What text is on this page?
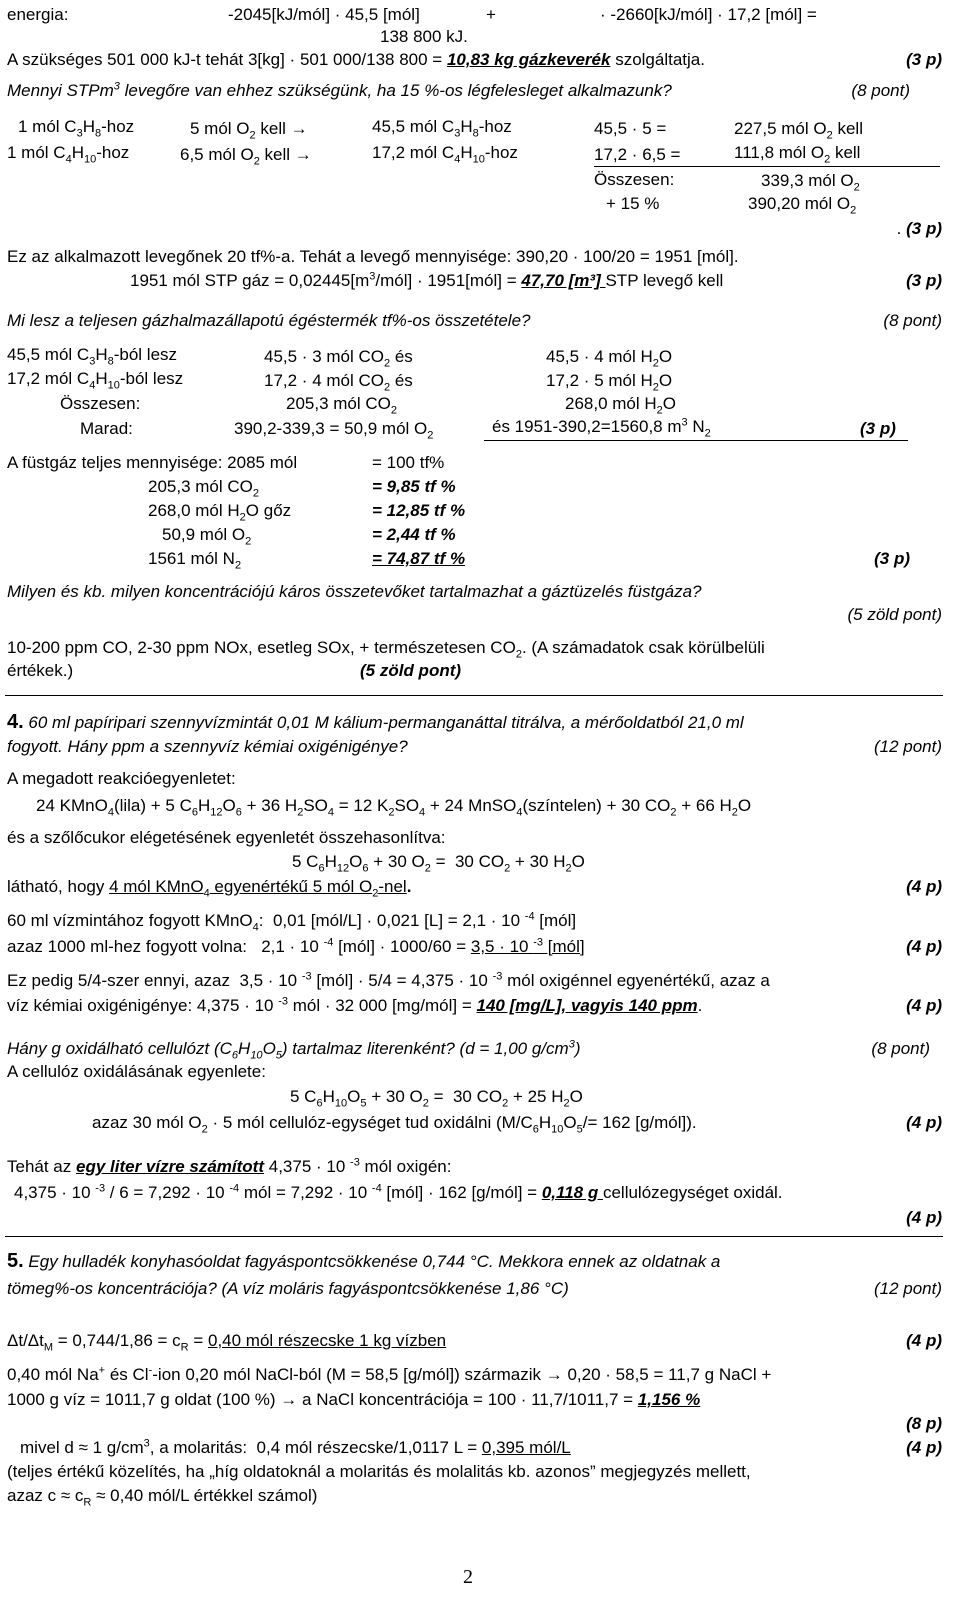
energia:	-2045[kJ/mól] · 45,5 [mól]	+	· -2660[kJ/mól] · 17,2 [mól] =
138 800 kJ.
A szükséges 501 000 kJ-t tehát 3[kg] · 501 000/138 800 = 10,83 kg gázkeverék szolgáltatja.	(3 p)
Mennyi STPm$^3$ levegőre van ehhez szükségünk, ha 15 %-os légfelesleget alkalmazunk?	(8 pont)
1 mól $C_3H_8$-hoz	5 mól $O_2$ kell →	45,5 mól $C_3H_8$-hoz	45,5 · 5 =	227,5 mól $O_2$ kell
1 mól $C_4H_{10}$-hoz	6,5 mól $O_2$ kell →	17,2 mól $C_4H_{10}$-hoz	17,2 · 6,5 =	111,8 mól $O_2$ kell
Összesen:	339,3 mól $O_2$
+ 15 %	390,20 mól $O_2$
. (3 p)
Ez az alkalmazott levegőnek 20 tf%-a. Tehát a levegő mennyisége: 390,20 · 100/20 = 1951 [mól].
1951 mól STP gáz = $0,02445[m^3/mól]$ · 1951[mól] = 47,70 [m³] STP levegő kell	(3 p)
Mi lesz a teljesen gázhalmazállapotú égéstermék tf%-os összetétele?	(8 pont)
45,5 mól $C_3H_8$-ból lesz	45,5 · 3 mól $CO_2$ és	45,5 · 4 mól $H_2O$
17,2 mól $C_4H_{10}$-ból lesz	17,2 · 4 mól $CO_2$ és	17,2 · 5 mól $H_2O$
Összesen:	205,3 mól $CO_2$	268,0 mól $H_2O$
Marad:	390,2-339,3 = 50,9 mól $O_2$	és 1951-390,2=1560,8 $m^3$ $N_2$	(3 p)
A füstgáz teljes mennyisége: 2085 mól	= 100 tf%
205,3 mól $CO_2$	= 9,85 tf %
268,0 mól $H_2O$ gőz	= 12,85 tf %
50,9 mól $O_2$	= 2,44 tf %
1561 mól $N_2$	= 74,87 tf %	(3 p)
Milyen és kb. milyen koncentrációjú káros összetevőket tartalmazhat a gáztüzelés füstgáza?
(5 zöld pont)
10-200 ppm CO, 2-30 ppm NOx, esetleg SOx, + természetesen $CO_2$. (A számadatok csak körülbelüli
értékek.)	(5 zöld pont)
4. 60 ml papíripari szennyvízmintát 0,01 M kálium-permanganáttal titrálva, a mérőoldatból 21,0 ml
fogyott. Hány ppm a szennyvíz kémiai oxigénigénye?	(12 pont)
A megadott reakcióegyenletet:
24 KMnO$_4$(lila) + 5 $C_6H_{12}O_6 + 36$ $H_2SO_4 = 12$ $K_2SO_4 + 24$ MnSO$_4$(színtelen) + 30 $CO_2 + 66$ $H_2O$
és a szőlőcukor elégetésének egyenletét összehasonlítva:
5 $C_6H_{12}O_6 + 30$ $O_2 = 30$ $CO_2 + 30$ $H_2O$
látható, hogy 4 mól KMnO$_4$ egyenértékű 5 mól $O_2$-nel.	(4 p)
60 ml vízmintához fogyott KMnO$_4$:  0,01 [mól/L] · 0,021 [L] = 2,1 · 10 $^{-4}$ [mól]
azaz 1000 ml-hez fogyott volna:   2,1 · 10 $^{-4}$ [mól] · 1000/60 = 3,5 · 10 $^{-3}$ [mól]	(4 p)
Ez pedig 5/4-szer ennyi, azaz  3,5 · 10 $^{-3}$ [mól] · 5/4 = 4,375 · 10 $^{-3}$ mól oxigénnel egyenértékű, azaz a
víz kémiai oxigénigénye: 4,375 · 10 $^{-3}$ mól · 32 000 [mg/mól] = 140 [mg/L], vagyis 140 ppm.	(4 p)
Hány g oxidálható cellulózt $(C_6H_{10}O_5)$ tartalmaz literenként? (d = 1,00 $g/cm^3$)	(8 pont)
A cellulóz oxidálásának egyenlete:
5 $C_6H_{10}O_5 + 30$ $O_2 = 30$ $CO_2 + 25$ $H_2O$
azaz 30 mól $O_2 \cdot 5$ mól cellulóz-egységet tud oxidálni ($M/C_6H_{10}O_5/= 162$ [g/mól]).	(4 p)
Tehát az egy liter vízre számított 4,375 · 10 $^{-3}$ mól oxigén:
4,375 · 10 $^{-3}$ / 6 = 7,292 · 10 $^{-4}$ mól = 7,292 · 10 $^{-4}$ [mól] · 162 [g/mól] = 0,118 g cellulózegységet oxidál.
(4 p)
5. Egy hulladék konyhasóoldat fagyáspontcsökkenése 0,744 °C. Mekkora ennek az oldatnak a
tömeg%-os koncentrációja? (A víz moláris fagyáspontcsökkenése 1,86 °C)	(12 pont)
$\Delta t/\Delta t_M = 0,744/1,86 = c_R = 0,40$ mól részecske 1 kg vízben	(4 p)
0,40 mól Na+ és Cl--ion 0,20 mól NaCl-ból (M = 58,5 [g/mól]) származik → 0,20 · 58,5 = 11,7 g NaCl +
1000 g víz = 1011,7 g oldat (100 %) → a NaCl koncentrációja = 100 · 11,7/1011,7 = 1,156 %
(8 p)
mivel d ≈ 1 $g/cm^3$, a molaritás:  0,4 mól részecske/1,0117 L = 0,395 mól/L	(4 p)
(teljes értékű közelítés, ha „híg oldatoknál a molaritás és molalitás kb. azonos” megjegyzés mellett,
azaz $c \approx c_R \approx 0,40$ mól/L értékkel számol)
2
